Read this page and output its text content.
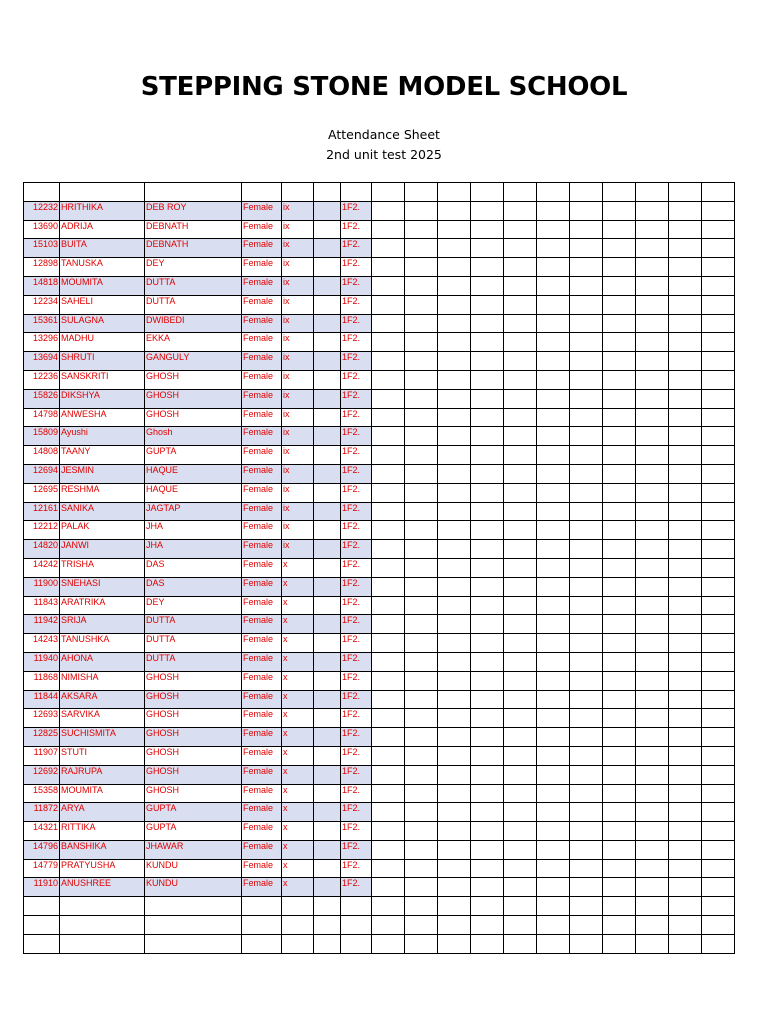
STEPPING STONE MODEL SCHOOL
Attendance Sheet
2nd unit test 2025

12232	HRITHIKA	DEB ROY	Female	ix		1F2.											
13690	ADRIJA	DEBNATH	Female	ix		1F2.											
15103	BUITA	DEBNATH	Female	ix		1F2.											
12898	TANUSKA	DEY	Female	ix		1F2.											
14818	MOUMITA	DUTTA	Female	ix		1F2.											
12234	SAHELI	DUTTA	Female	ix		1F2.											
15361	SULAGNA	DWIBEDI	Female	ix		1F2.											
13296	MADHU	EKKA	Female	ix		1F2.											
13694	SHRUTI	GANGULY	Female	ix		1F2.											
12236	SANSKRITI	GHOSH	Female	ix		1F2.											
15826	DIKSHYA	GHOSH	Female	ix		1F2.											
14798	ANWESHA	GHOSH	Female	ix		1F2.											
15809	Ayushi	Ghosh	Female	ix		1F2.											
14808	TAANY	GUPTA	Female	ix		1F2.											
12694	JESMIN	HAQUE	Female	ix		1F2.											
12695	RESHMA	HAQUE	Female	ix		1F2.											
12161	SANIKA	JAGTAP	Female	ix		1F2.											
12212	PALAK	JHA	Female	ix		1F2.											
14820	JANWI	JHA	Female	ix		1F2.											
14242	TRISHA	DAS	Female	x		1F2.											
11900	SNEHASI	DAS	Female	x		1F2.											
11843	ARATRIKA	DEY	Female	x		1F2.											
11942	SRIJA	DUTTA	Female	x		1F2.											
14243	TANUSHKA	DUTTA	Female	x		1F2.											
11940	AHONA	DUTTA	Female	x		1F2.											
11868	NIMISHA	GHOSH	Female	x		1F2.											
11844	AKSARA	GHOSH	Female	x		1F2.											
12693	SARVIKA	GHOSH	Female	x		1F2.											
12825	SUCHISMITA	GHOSH	Female	x		1F2.											
11907	STUTI	GHOSH	Female	x		1F2.											
12692	RAJRUPA	GHOSH	Female	x		1F2.											
15358	MOUMITA	GHOSH	Female	x		1F2.											
11872	ARYA	GUPTA	Female	x		1F2.											
14321	RITTIKA	GUPTA	Female	x		1F2.											
14796	BANSHIKA	JHAWAR	Female	x		1F2.											
14779	PRATYUSHA	KUNDU	Female	x		1F2.											
11910	ANUSHREE	KUNDU	Female	x		1F2.											
